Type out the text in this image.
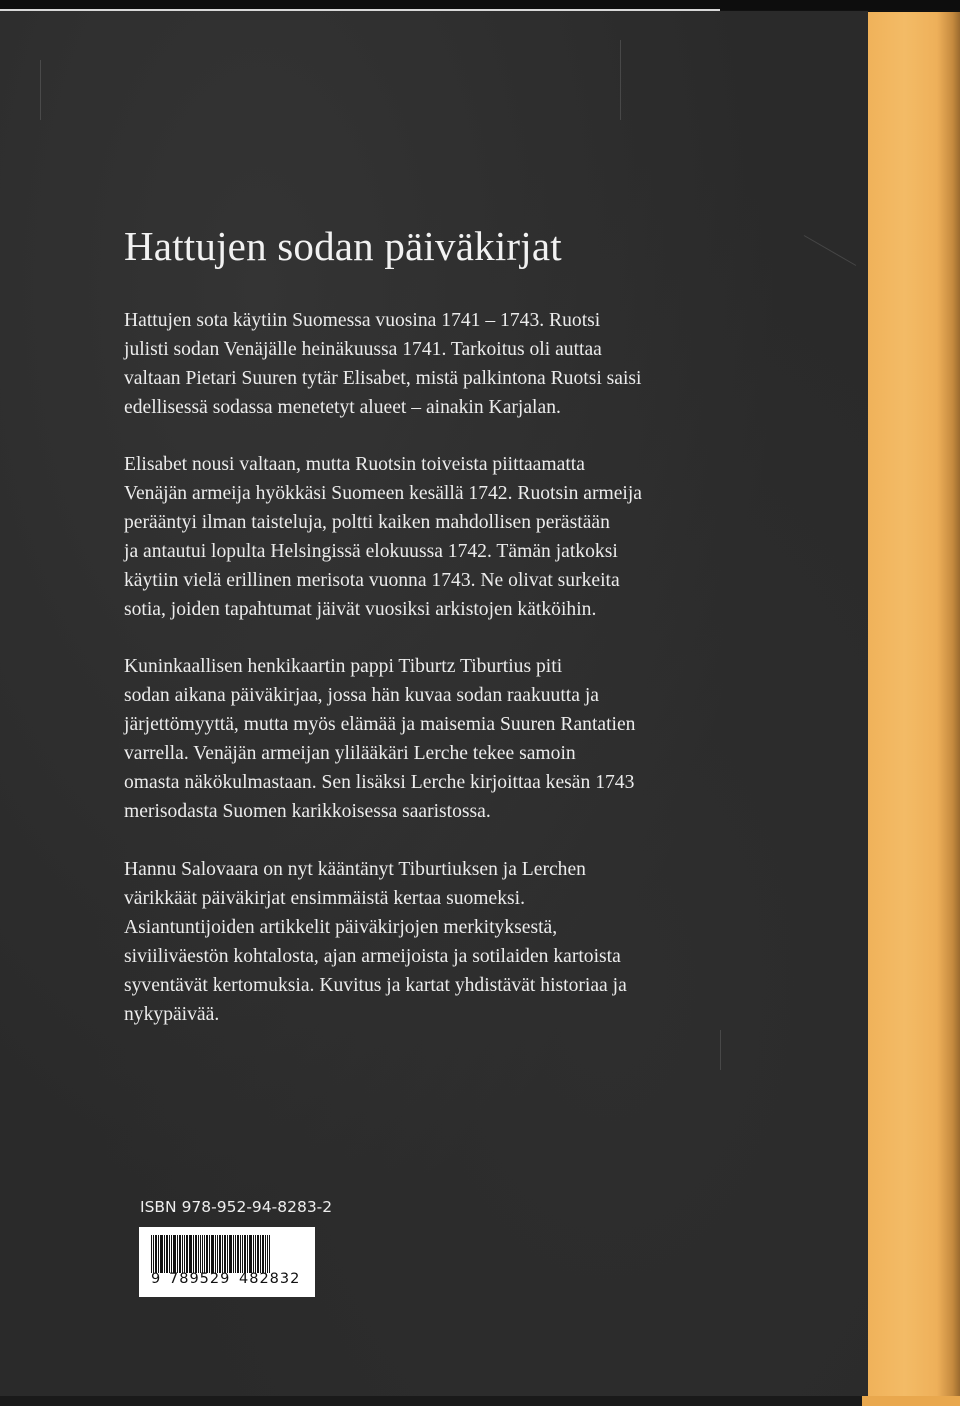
Hattujen sodan päiväkirjat
Hattujen sota käytiin Suomessa vuosina 1741 – 1743. Ruotsi
julisti sodan Venäjälle heinäkuussa 1741. Tarkoitus oli auttaa
valtaan Pietari Suuren tytär Elisabet, mistä palkintona Ruotsi saisi
edellisessä sodassa menetetyt alueet – ainakin Karjalan.
Elisabet nousi valtaan, mutta Ruotsin toiveista piittaamatta
Venäjän armeija hyökkäsi Suomeen kesällä 1742. Ruotsin armeija
perääntyi ilman taisteluja, poltti kaiken mahdollisen perästään
ja antautui lopulta Helsingissä elokuussa 1742. Tämän jatkoksi
käytiin vielä erillinen merisota vuonna 1743. Ne olivat surkeita
sotia, joiden tapahtumat jäivät vuosiksi arkistojen kätköihin.
Kuninkaallisen henkikaartin pappi Tiburtz Tiburtius piti
sodan aikana päiväkirjaa, jossa hän kuvaa sodan raakuutta ja
järjettömyyttä, mutta myös elämää ja maisemia Suuren Rantatien
varrella. Venäjän armeijan ylilääkäri Lerche tekee samoin
omasta näkökulmastaan. Sen lisäksi Lerche kirjoittaa kesän 1743
merisodasta Suomen karikkoisessa saaristossa.
Hannu Salovaara on nyt kääntänyt Tiburtiuksen ja Lerchen
värikkäät päiväkirjat ensimmäistä kertaa suomeksi.
Asiantuntijoiden artikkelit päiväkirjojen merkityksestä,
siviiliväestön kohtalosta, ajan armeijoista ja sotilaiden kartoista
syventävät kertomuksia. Kuvitus ja kartat yhdistävät historiaa ja
nykypäivää.
ISBN 978-952-94-8283-2
9 789529 482832
